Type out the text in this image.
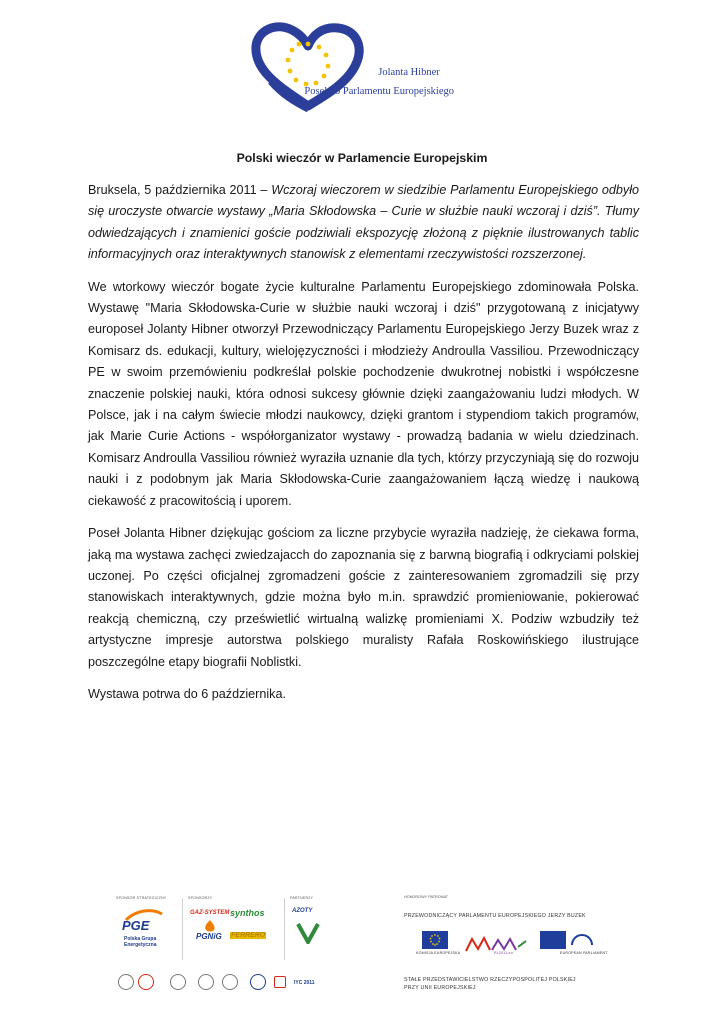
Jolanta Hibner
Poseł do Parlamentu Europejskiego
Polski wieczór w Parlamencie Europejskim

Bruksela, 5 października 2011 – Wczoraj wieczorem w siedzibie Parlamentu Europejskiego odbyło się uroczyste otwarcie wystawy „Maria Skłodowska – Curie w służbie nauki wczoraj i dziś”. Tłumy odwiedzających i znamienici goście podziwiali ekspozycję złożoną z pięknie ilustrowanych tablic informacyjnych oraz interaktywnych stanowisk z elementami rzeczywistości rozszerzonej.

We wtorkowy wieczór bogate życie kulturalne Parlamentu Europejskiego zdominowała Polska. Wystawę "Maria Skłodowska-Curie w służbie nauki wczoraj i dziś" przygotowaną z inicjatywy europoseł Jolanty Hibner otworzył Przewodniczący Parlamentu Europejskiego Jerzy Buzek wraz z Komisarz ds. edukacji, kultury, wielojęzyczności i młodzieży Androulla Vassiliou. Przewodniczący PE w swoim przemówieniu podkreślał polskie pochodzenie dwukrotnej nobistki i współczesne znaczenie polskiej nauki, która odnosi sukcesy głównie dzięki zaangażowaniu ludzi młodych. W Polsce, jak i na całym świecie młodzi naukowcy, dzięki grantom i stypendiom takich programów, jak Marie Curie Actions - współorganizator wystawy - prowadzą badania w wielu dziedzinach. Komisarz Androulla Vassiliou również wyraziła uznanie dla tych, którzy przyczyniają się do rozwoju nauki i z podobnym jak Maria Skłodowska-Curie zaangażowaniem łączą wiedzę i naukową ciekawość z pracowitością i uporem.

Poseł Jolanta Hibner dziękując gościom za liczne przybycie wyraziła nadzieję, że ciekawa forma, jaką ma wystawa zachęci zwiedzajacch do zapoznania się z barwną biografią i odkryciami polskiej uczonej. Po części oficjalnej zgromadzeni goście z zainteresowaniem zgromadzili się przy stanowiskach interaktywnych, gdzie można było m.in. sprawdzić promieniowanie, pokierować reakcją chemiczną, czy prześwietlić wirtualną walizkę promieniami X. Podziw wzbudziły też artystyczne impresje autorstwa polskiego muralisty Rafała Roskowińskiego ilustrujące poszczególne etapy biografii Noblistki.

Wystawa potrwa do 6 października.

SPONSOR STRATEGICZNY	SPONSORZY	PARTNERZY
PGE
Polska Grupa
Energetyczna
GAZ-SYSTEM synthos
PGNiG FERRERO
AZOTY
IYC 2011
HONOROWY PATRONAT
PRZEWODNICZĄCY PARLAMENTU EUROPEJSKIEGO JERZY BUZEK
KOMISJA EUROPEJSKA	PL2011.eu	EUROPEAN PARLIAMENT
STAŁE PRZEDSTAWICIELSTWO RZECZYPOSPOLITEJ POLSKIEJ
PRZY UNII EUROPEJSKIEJ
